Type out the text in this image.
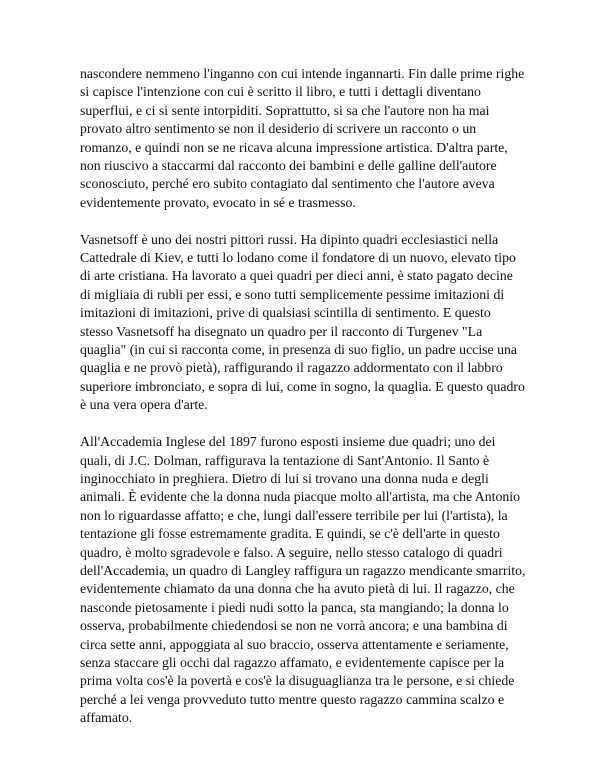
nascondere nemmeno l'inganno con cui intende ingannarti. Fin dalle prime righe si capisce l'intenzione con cui è scritto il libro, e tutti i dettagli diventano superflui, e ci si sente intorpiditi. Soprattutto, si sa che l'autore non ha mai provato altro sentimento se non il desiderio di scrivere un racconto o un romanzo, e quindi non se ne ricava alcuna impressione artistica. D'altra parte, non riuscivo a staccarmi dal racconto dei bambini e delle galline dell'autore sconosciuto, perché ero subito contagiato dal sentimento che l'autore aveva evidentemente provato, evocato in sé e trasmesso.

Vasnetsoff è uno dei nostri pittori russi. Ha dipinto quadri ecclesiastici nella Cattedrale di Kiev, e tutti lo lodano come il fondatore di un nuovo, elevato tipo di arte cristiana. Ha lavorato a quei quadri per dieci anni, è stato pagato decine di migliaia di rubli per essi, e sono tutti semplicemente pessime imitazioni di imitazioni di imitazioni, prive di qualsiasi scintilla di sentimento. E questo stesso Vasnetsoff ha disegnato un quadro per il racconto di Turgenev "La quaglia" (in cui si racconta come, in presenza di suo figlio, un padre uccise una quaglia e ne provò pietà), raffigurando il ragazzo addormentato con il labbro superiore imbronciato, e sopra di lui, come in sogno, la quaglia. E questo quadro è una vera opera d'arte.

All'Accademia Inglese del 1897 furono esposti insieme due quadri; uno dei quali, di J.C. Dolman, raffigurava la tentazione di Sant'Antonio. Il Santo è inginocchiato in preghiera. Dietro di lui si trovano una donna nuda e degli animali. È evidente che la donna nuda piacque molto all'artista, ma che Antonio non lo riguardasse affatto; e che, lungi dall'essere terribile per lui (l'artista), la tentazione gli fosse estremamente gradita. E quindi, se c'è dell'arte in questo quadro, è molto sgradevole e falso. A seguire, nello stesso catalogo di quadri dell'Accademia, un quadro di Langley raffigura un ragazzo mendicante smarrito, evidentemente chiamato da una donna che ha avuto pietà di lui. Il ragazzo, che nasconde pietosamente i piedi nudi sotto la panca, sta mangiando; la donna lo osserva, probabilmente chiedendosi se non ne vorrà ancora; e una bambina di circa sette anni, appoggiata al suo braccio, osserva attentamente e seriamente, senza staccare gli occhi dal ragazzo affamato, e evidentemente capisce per la prima volta cos'è la povertà e cos'è la disuguaglianza tra le persone, e si chiede perché a lei venga provveduto tutto mentre questo ragazzo cammina scalzo e affamato.
